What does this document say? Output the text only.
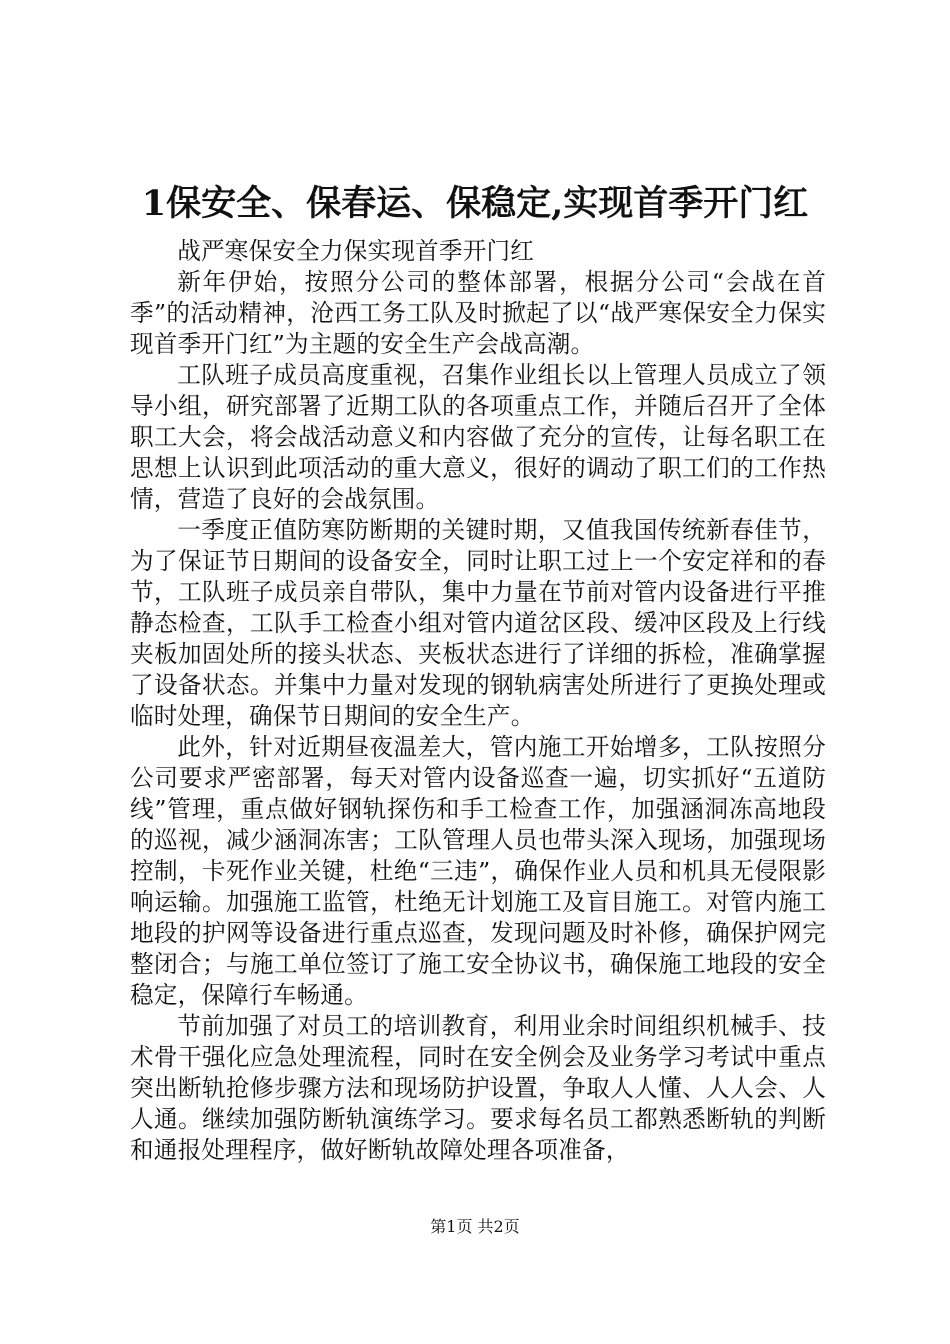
1保安全、保春运、保稳定,实现首季开门红

战严寒保安全力保实现首季开门红

新年伊始，按照分公司的整体部署，根据分公司“会战在首季”的活动精神，沧西工务工队及时掀起了以“战严寒保安全力保实现首季开门红”为主题的安全生产会战高潮。

工队班子成员高度重视，召集作业组长以上管理人员成立了领导小组，研究部署了近期工队的各项重点工作，并随后召开了全体职工大会，将会战活动意义和内容做了充分的宣传，让每名职工在思想上认识到此项活动的重大意义，很好的调动了职工们的工作热情，营造了良好的会战氛围。

一季度正值防寒防断期的关键时期，又值我国传统新春佳节，为了保证节日期间的设备安全，同时让职工过上一个安定祥和的春节，工队班子成员亲自带队，集中力量在节前对管内设备进行平推静态检查，工队手工检查小组对管内道岔区段、缓冲区段及上行线夹板加固处所的接头状态、夹板状态进行了详细的拆检，准确掌握了设备状态。并集中力量对发现的钢轨病害处所进行了更换处理或临时处理，确保节日期间的安全生产。

此外，针对近期昼夜温差大，管内施工开始增多，工队按照分公司要求严密部署，每天对管内设备巡查一遍，切实抓好“五道防线”管理，重点做好钢轨探伤和手工检查工作，加强涵洞冻高地段的巡视，减少涵洞冻害；工队管理人员也带头深入现场，加强现场控制，卡死作业关键，杜绝“三违”，确保作业人员和机具无侵限影响运输。加强施工监管，杜绝无计划施工及盲目施工。对管内施工地段的护网等设备进行重点巡查，发现问题及时补修，确保护网完整闭合；与施工单位签订了施工安全协议书，确保施工地段的安全稳定，保障行车畅通。

节前加强了对员工的培训教育，利用业余时间组织机械手、技术骨干强化应急处理流程，同时在安全例会及业务学习考试中重点突出断轨抢修步骤方法和现场防护设置，争取人人懂、人人会、人人通。继续加强防断轨演练学习。要求每名员工都熟悉断轨的判断和通报处理程序，做好断轨故障处理各项准备，

第1页 共2页
